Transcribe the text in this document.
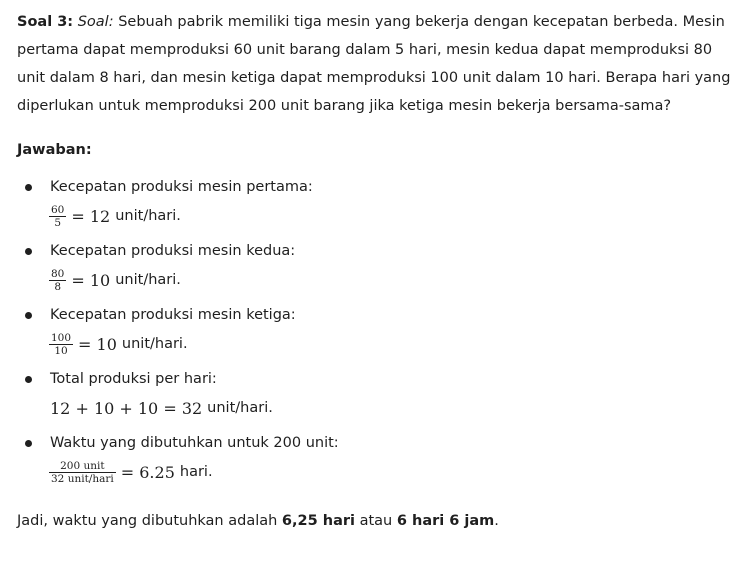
Soal 3: Soal: Sebuah pabrik memiliki tiga mesin yang bekerja dengan kecepatan berbeda. Mesin pertama dapat memproduksi 60 unit barang dalam 5 hari, mesin kedua dapat memproduksi 80 unit dalam 8 hari, dan mesin ketiga dapat memproduksi 100 unit dalam 10 hari. Berapa hari yang diperlukan untuk memproduksi 200 unit barang jika ketiga mesin bekerja bersama-sama?

Jawaban:

Kecepatan produksi mesin pertama:
$\frac{60}{5} = 12$ unit/hari.
Kecepatan produksi mesin kedua:
$\frac{80}{8} = 10$ unit/hari.
Kecepatan produksi mesin ketiga:
$\frac{100}{10} = 10$ unit/hari.
Total produksi per hari:
12 + 10 + 10 = 32 unit/hari.
Waktu yang dibutuhkan untuk 200 unit:
$\frac{\text{200 unit}}{\text{32 unit/hari}} = 6.25$ hari.

Jadi, waktu yang dibutuhkan adalah 6,25 hari atau 6 hari 6 jam.
